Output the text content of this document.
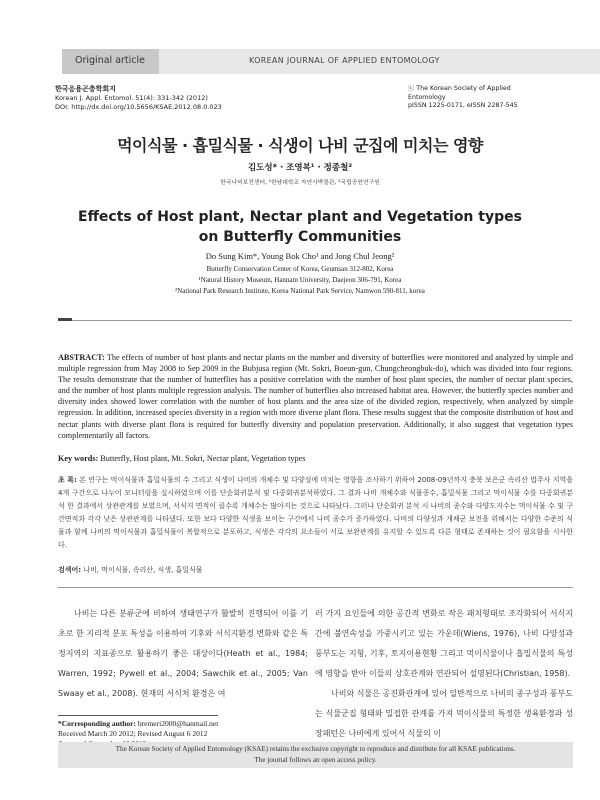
Original article	KOREAN JOURNAL OF APPLIED ENTOMOLOGY
한국응용곤충학회지
Korean J. Appl. Entomol. 51(4): 331-342 (2012)
DOI: http://dx.doi.org/10.5656/KSAE.2012.08.0.023
ⓒ The Korean Society of Applied Entomology
pISSN 1225-0171, eISSN 2287-545
먹이식물 · 흡밀식물 · 식생이 나비 군집에 미치는 영향
김도성* · 조영복¹ · 정종철²
한국나비보전센터, ¹한남대학교 자연사박물관, ²국립공원연구원
Effects of Host plant, Nectar plant and Vegetation types
on Butterfly Communities
Do Sung Kim*, Young Bok Cho¹ and Jong Chul Jeong²
Butterfly Conservation Center of Korea, Geumsan 312-802, Korea
¹Natural History Museum, Hannam University, Daejeon 306-791, Korea
²National Park Research Institute, Korea National Park Service, Namwon 590-811, korea
ABSTRACT: The effects of number of host plants and nectar plants on the number and diversity of butterflies were monitored and analyzed by simple and multiple regression from May 2008 to Sep 2009 in the Bubjusa region (Mt. Sokri, Boeun-gun, Chungcheongbuk-do), which was divided into four regions. The results demonstrate that the number of butterflies has a positive correlation with the number of host plant species, the number of nectar plant species, and the number of host plants multiple regression analysis. The number of butterflies also increased habitat area. However, the butterfly species number and diversity index showed lower correlation with the number of host plants and the area size of the divided region, respectively, when analyzed by simple regression. In addition, increased species diversity in a region with more diverse plant flora. These results suggest that the composite distribution of host and nectar plants with diverse plant flora is required for butterfly diversity and population preservation. Additionally, it also suggest that vegetation types complementarily all factors.
Key words: Butterfly, Host plant, Mt. Sokri, Nectar plant, Vegetation types
초 록: 본 연구는 먹이식물과 흡밀식물의 수 그리고 식생이 나비의 개체수 및 다양성에 미치는 영향을 조사하기 위하여 2008-09년까지 충북 보은군 속리산 법주사 지역을 4개 구간으로 나누어 모니터링을 실시하였으며 이를 단순회귀분석 및 다중회귀분석하였다. 그 결과 나비 개체수와 식물종수, 흡밀식물 그리고 먹이식물 수를 다중회귀분석 한 결과에서 상관관계를 보였으며, 서식지 면적이 클수록 개체수는 많아지는 것으로 나타났다. 그러나 단순회귀 분석 시 나비의 종수와 다양도지수는 먹이식물 수 및 구간면적과 각각 낮은 상관관계를 나타냈다. 또한 보다 다양한 식생을 보이는 구간에서 나비 종수가 증가하였다. 나비의 다양성과 개체군 보전을 위해서는 다양한 수준의 식물과 함께 나비의 먹이식물과 흡밀식물이 복합적으로 분포하고, 식생은 각각의 요소들이 서로 보완관계를 유지할 수 있도록 다른 형태로 존재하는 것이 필요함을 시사한다.
검색어: 나비, 먹이식물, 속리산, 식생, 흡밀식물
나비는 다른 분류군에 비하여 생태연구가 활발히 진행되어 이를 기초로 한 지리적 분포 특성을 이용하여 기후와 서식지환경 변화와 같은 특정지역의 지표종으로 활용하기 좋은 대상이다(Heath et al., 1984; Warren, 1992; Pywell et al., 2004; Sawchik et al., 2005; Van Swaay et al., 2008). 현재의 서식처 환경은 여

러 가지 요인들에 의한 공간적 변화로 작은 패치형태로 조각화되어 서식지 간에 불연속성을 가중시키고 있는 가운데(Wiens, 1976), 나비 다양성과 풍부도는 지형, 기후, 토지이용현황 그리고 먹이식물이나 흡밀식물의 특성에 영향을 받아 이들의 상호관계와 연관되어 설명된다(Christian, 1958).

나비와 식물은 공진화관계에 있어 일반적으로 나비의 종구성과 풍부도는 식물군집 형태와 밀접한 관계를 가져 먹이식물의 특정한 생육환경과 성장패턴은 나비에게 있어서 식물의 이

*Corresponding author: bremeri2000@hanmail.net
Received March 20 2012; Revised August 6 2012
The Korean Society of Applied Entomology (KSAE) retains the exclusive copyright to reproduce and distribute for all KSAE publications.
The journal follows an open access policy.
